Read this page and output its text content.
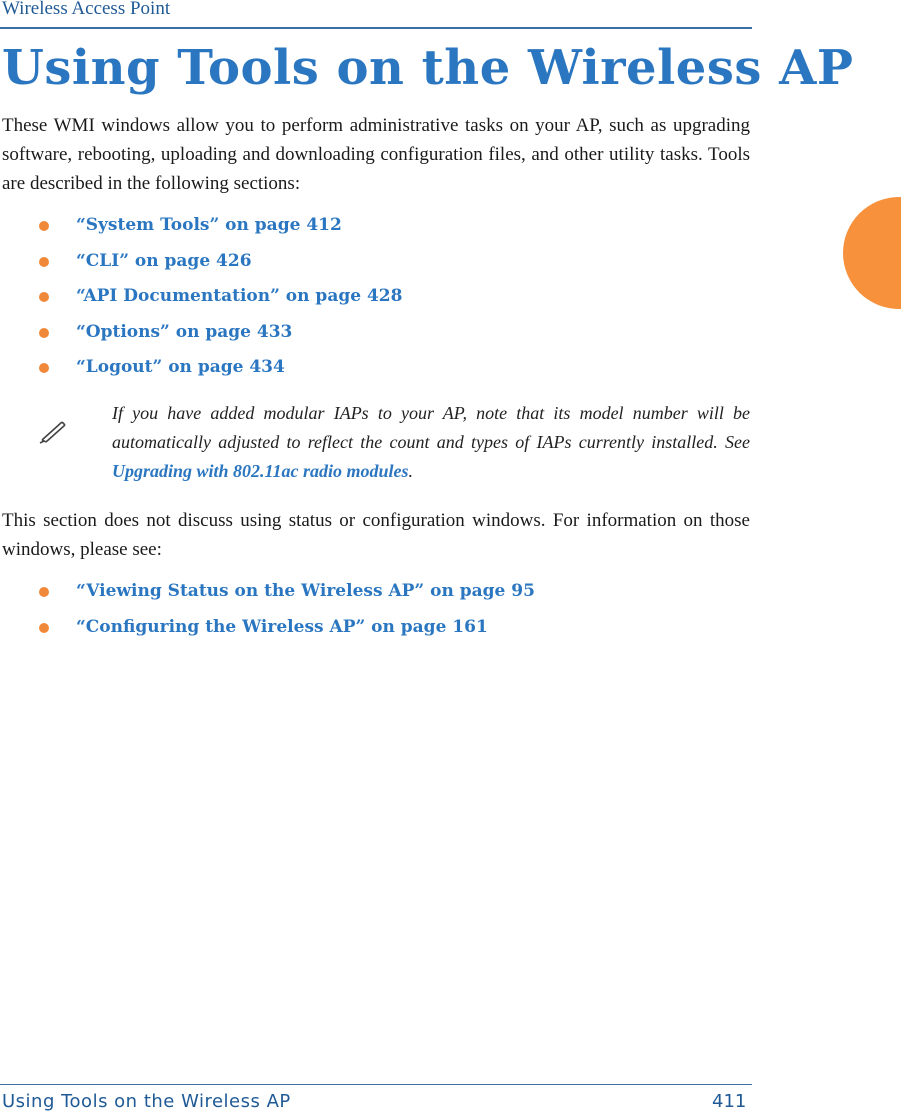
Wireless Access Point
Using Tools on the Wireless AP

These WMI windows allow you to perform administrative tasks on your AP, such as upgrading software, rebooting, uploading and downloading configuration files, and other utility tasks. Tools are described in the following sections:

“System Tools” on page 412
“CLI” on page 426
“API Documentation” on page 428
“Options” on page 433
“Logout” on page 434

If you have added modular IAPs to your AP, note that its model number will be automatically adjusted to reflect the count and types of IAPs currently installed. See Upgrading with 802.11ac radio modules.

This section does not discuss using status or configuration windows. For information on those windows, please see:

“Viewing Status on the Wireless AP” on page 95
“Configuring the Wireless AP” on page 161
Using Tools on the Wireless AP	411
